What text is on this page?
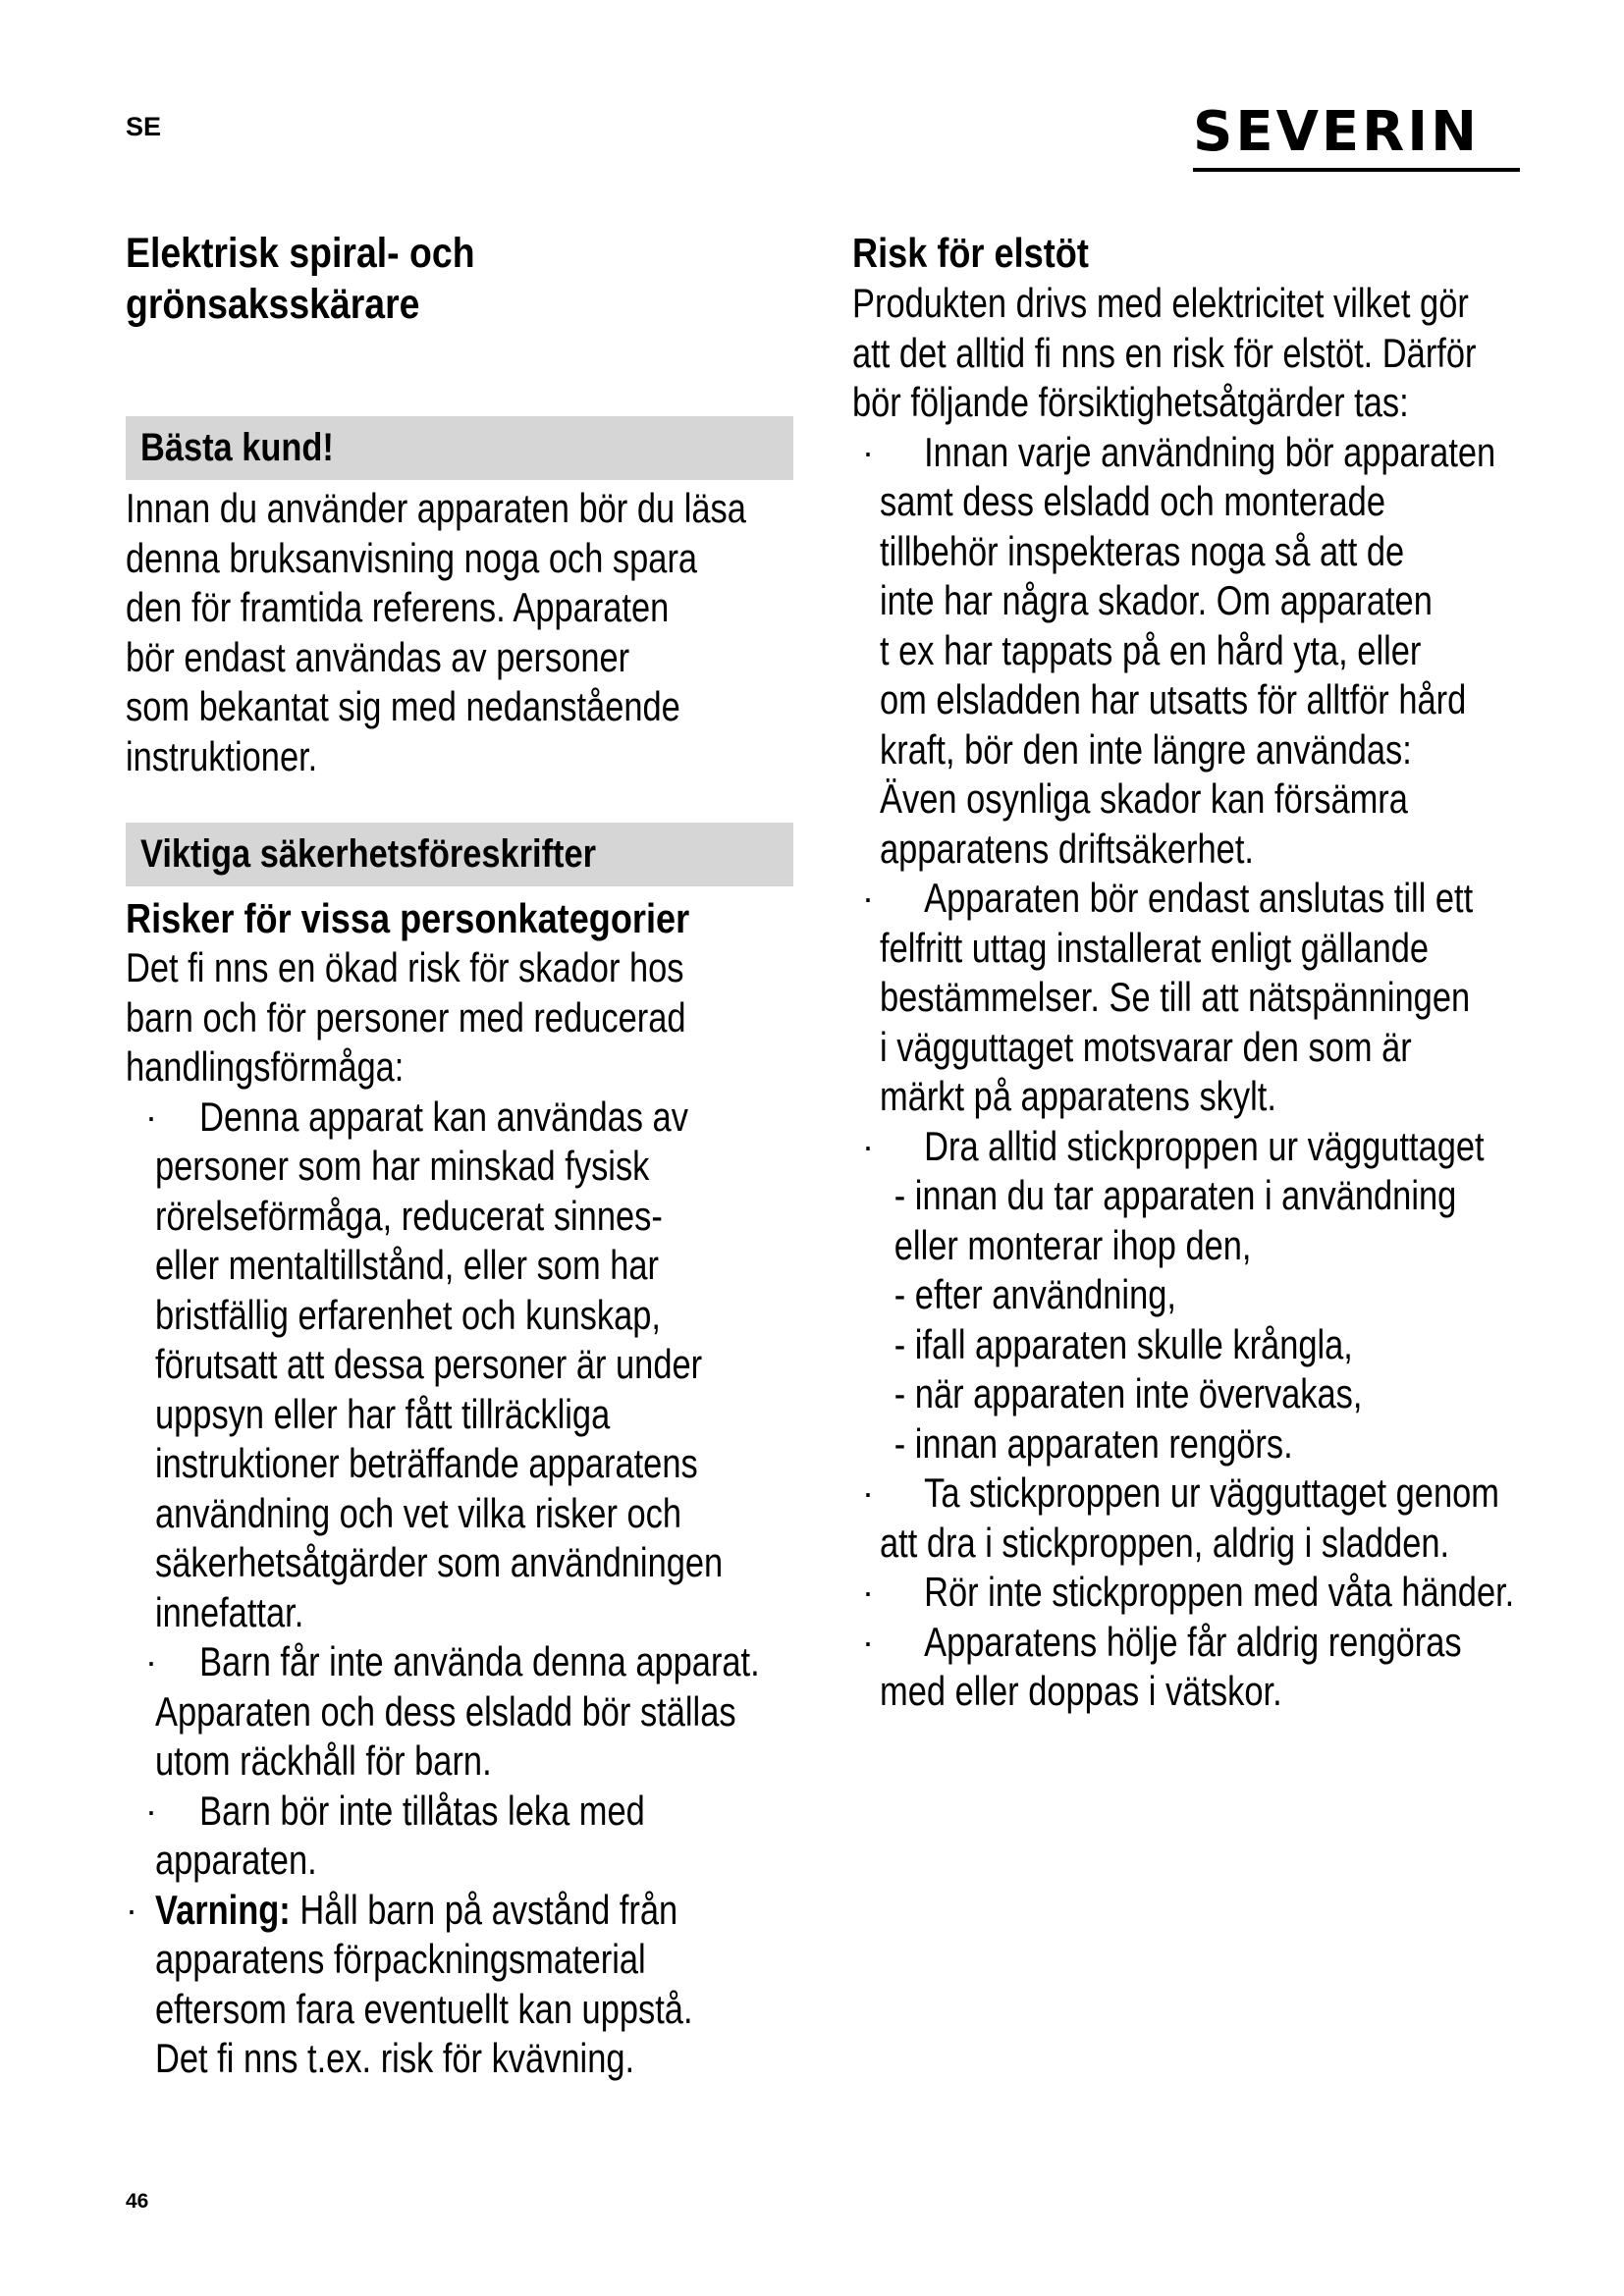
SE	SEVERIN
Elektrisk spiral- och
grönsaksskärare
Bästa kund!
Innan du använder apparaten bör du läsa
denna bruksanvisning noga och spara
den för framtida referens. Apparaten
bör endast användas av personer
som bekantat sig med nedanstående
instruktioner.
Viktiga säkerhetsföreskrifter
Risker för vissa personkategorier
Det fi nns en ökad risk för skador hos
barn och för personer med reducerad
handlingsförmåga:
·	Denna apparat kan användas av
personer som har minskad fysisk
rörelseförmåga, reducerat sinnes-
eller mentaltillstånd, eller som har
bristfällig erfarenhet och kunskap,
förutsatt att dessa personer är under
uppsyn eller har fått tillräckliga
instruktioner beträffande apparatens
användning och vet vilka risker och
säkerhetsåtgärder som användningen
innefattar.
·	Barn får inte använda denna apparat.
Apparaten och dess elsladd bör ställas
utom räckhåll för barn.
·	Barn bör inte tillåtas leka med
apparaten.
· Varning: Håll barn på avstånd från
apparatens förpackningsmaterial
eftersom fara eventuellt kan uppstå.
Det fi nns t.ex. risk för kvävning.
Risk för elstöt
Produkten drivs med elektricitet vilket gör
att det alltid fi nns en risk för elstöt. Därför
bör följande försiktighetsåtgärder tas:
·	Innan varje användning bör apparaten
samt dess elsladd och monterade
tillbehör inspekteras noga så att de
inte har några skador. Om apparaten
t ex har tappats på en hård yta, eller
om elsladden har utsatts för alltför hård
kraft, bör den inte längre användas:
Även osynliga skador kan försämra
apparatens driftsäkerhet.
·	Apparaten bör endast anslutas till ett
felfritt uttag installerat enligt gällande
bestämmelser. Se till att nätspänningen
i vägguttaget motsvarar den som är
märkt på apparatens skylt.
·	Dra alltid stickproppen ur vägguttaget
- innan du tar apparaten i användning
eller monterar ihop den,
- efter användning,
- ifall apparaten skulle krångla,
- när apparaten inte övervakas,
- innan apparaten rengörs.
·	Ta stickproppen ur vägguttaget genom
att dra i stickproppen, aldrig i sladden.
·	Rör inte stickproppen med våta händer.
·	Apparatens hölje får aldrig rengöras
med eller doppas i vätskor.
46
